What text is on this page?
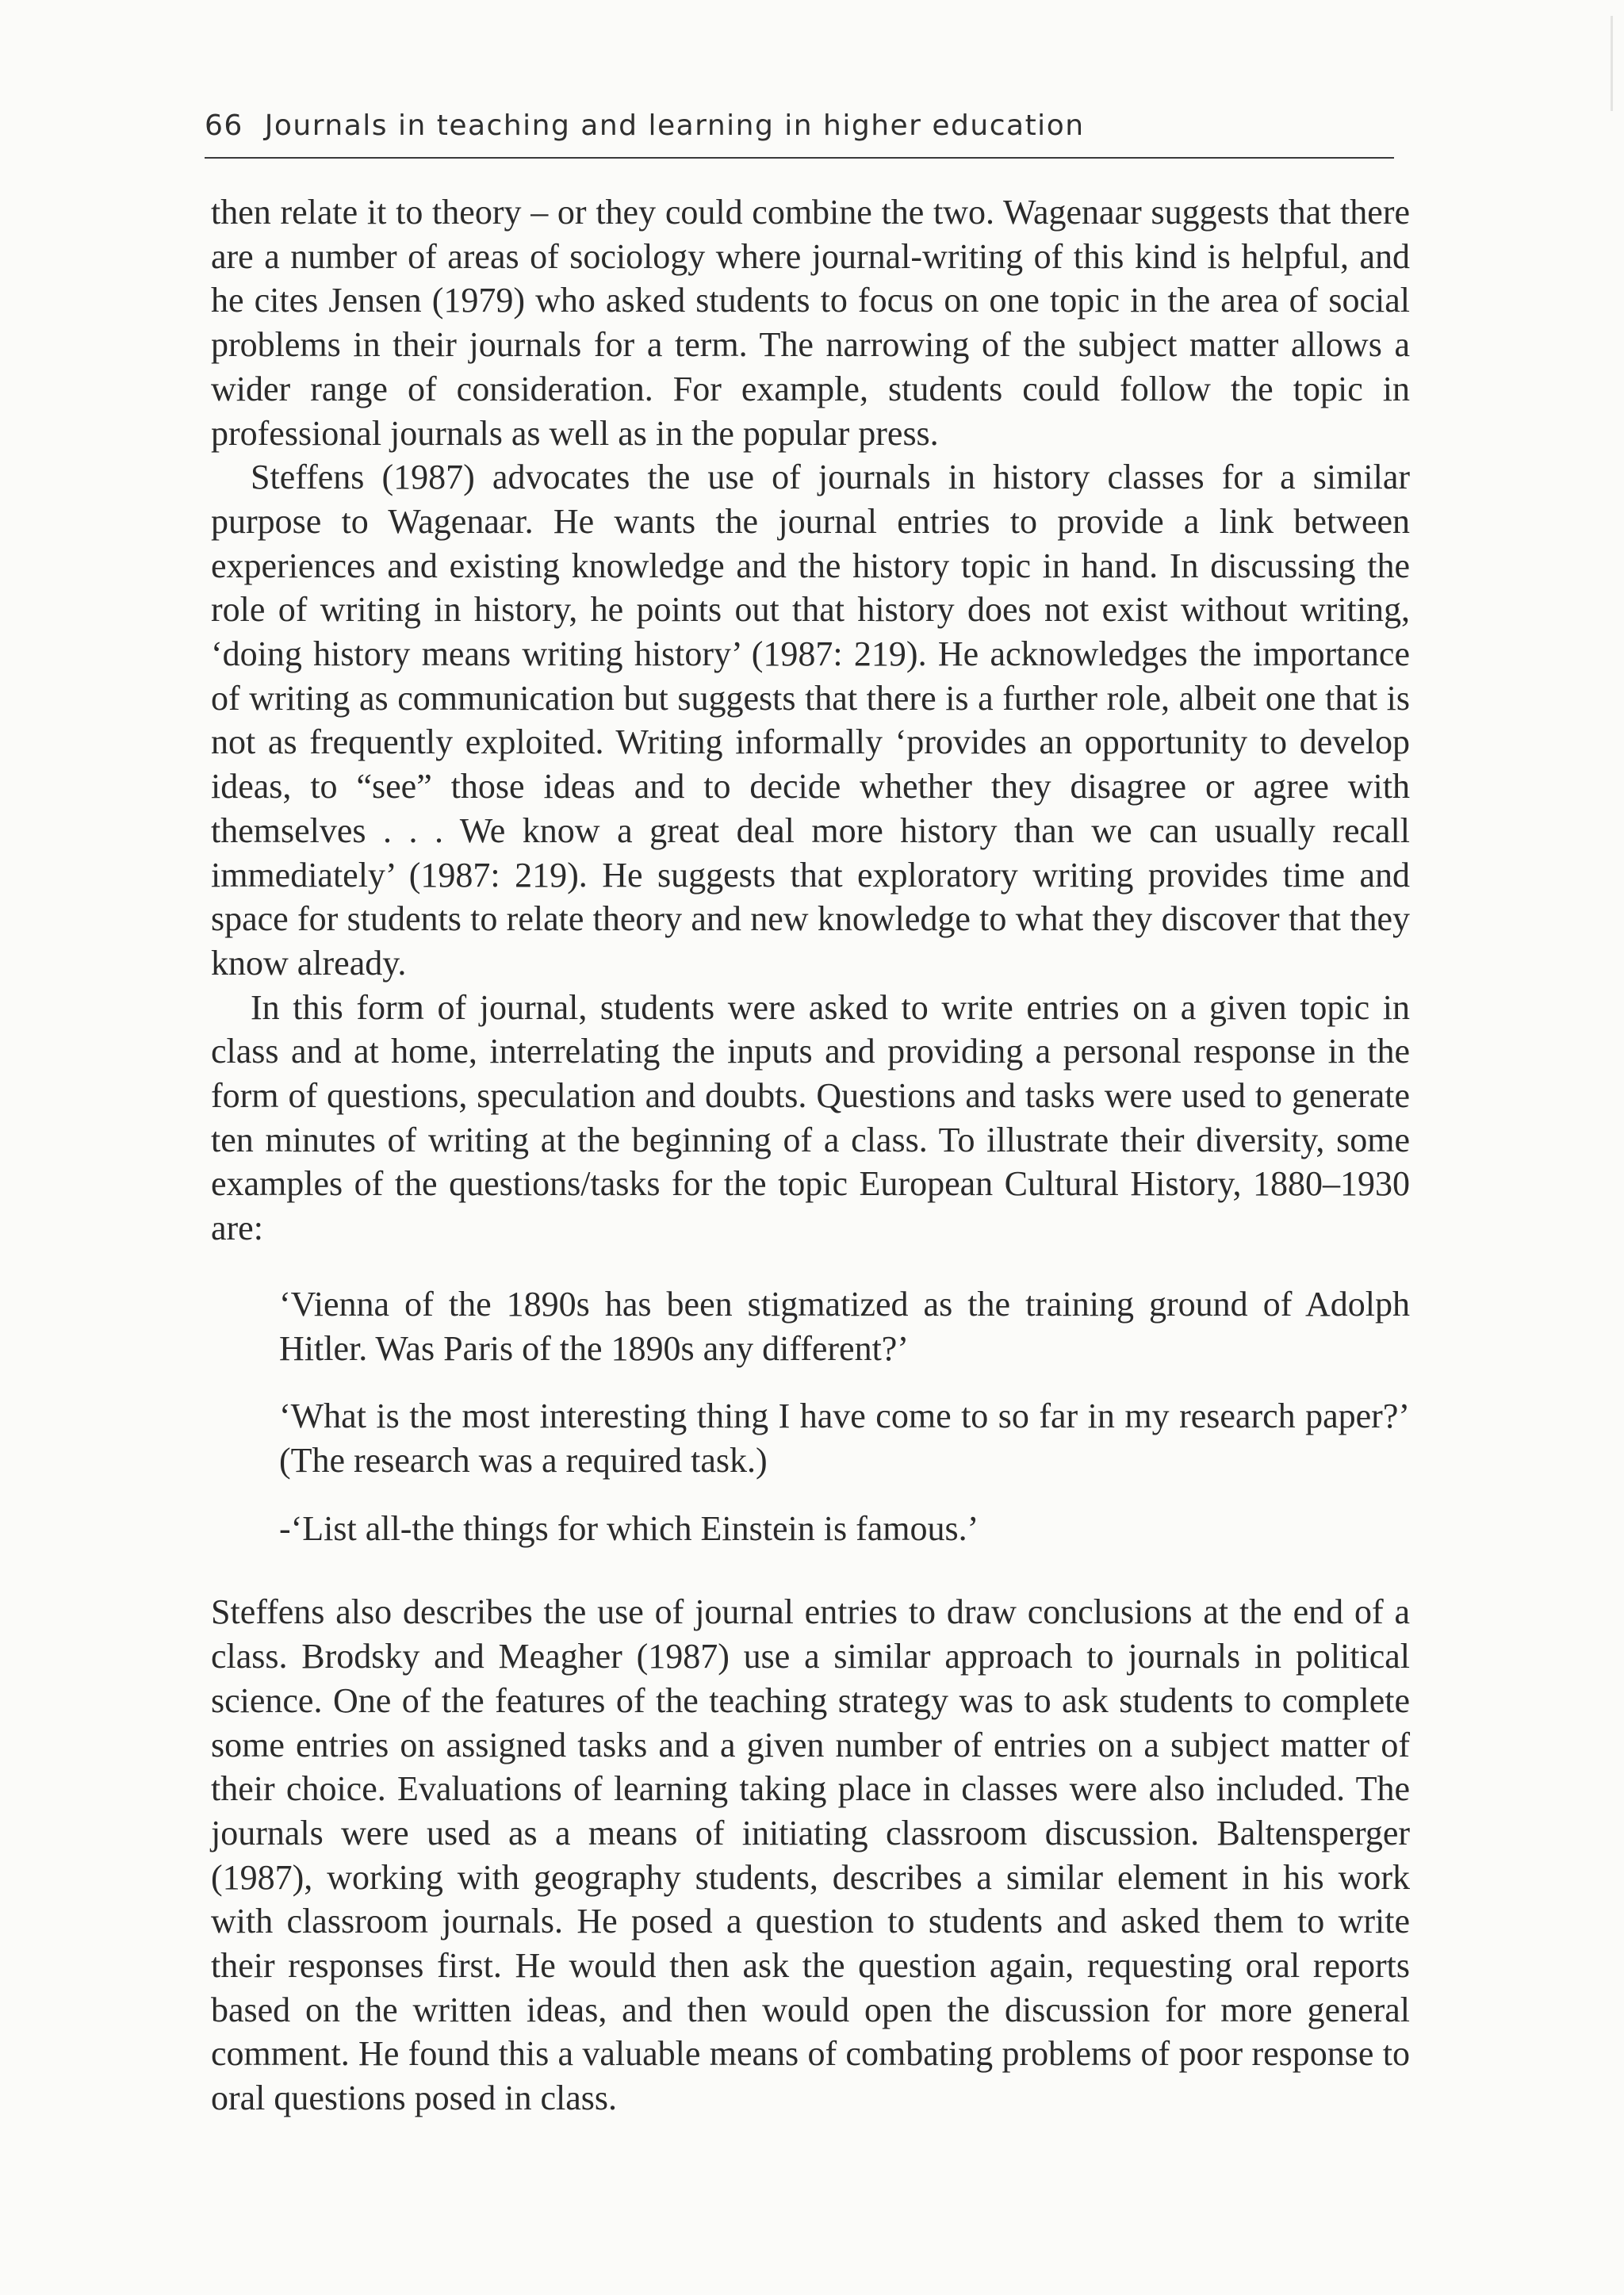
66 Journals in teaching and learning in higher education

then relate it to theory – or they could combine the two. Wagenaar suggests that there are a number of areas of sociology where journal-writing of this kind is helpful, and he cites Jensen (1979) who asked students to focus on one topic in the area of social problems in their journals for a term. The narrowing of the subject matter allows a wider range of consideration. For example, students could follow the topic in professional journals as well as in the popular press.

Steffens (1987) advocates the use of journals in history classes for a similar purpose to Wagenaar. He wants the journal entries to provide a link between experiences and existing knowledge and the history topic in hand. In discussing the role of writing in history, he points out that history does not exist without writing, ‘doing history means writing history’ (1987: 219). He acknowledges the importance of writing as communication but suggests that there is a further role, albeit one that is not as frequently exploited. Writing informally ‘provides an opportunity to develop ideas, to “see” those ideas and to decide whether they disagree or agree with themselves . . . We know a great deal more history than we can usually recall immediately’ (1987: 219). He suggests that exploratory writing provides time and space for students to relate theory and new knowledge to what they discover that they know already.

In this form of journal, students were asked to write entries on a given topic in class and at home, interrelating the inputs and providing a personal response in the form of questions, speculation and doubts. Questions and tasks were used to generate ten minutes of writing at the beginning of a class. To illustrate their diversity, some examples of the questions/tasks for the topic European Cultural History, 1880–1930 are:

‘Vienna of the 1890s has been stigmatized as the training ground of Adolph Hitler. Was Paris of the 1890s any different?’

‘What is the most interesting thing I have come to so far in my research paper?’ (The research was a required task.)

-‘List all-the things for which Einstein is famous.’

Steffens also describes the use of journal entries to draw conclusions at the end of a class. Brodsky and Meagher (1987) use a similar approach to journals in political science. One of the features of the teaching strategy was to ask students to complete some entries on assigned tasks and a given number of entries on a subject matter of their choice. Evaluations of learning taking place in classes were also included. The journals were used as a means of initiating classroom discussion. Baltensperger (1987), working with geography students, describes a similar element in his work with classroom journals. He posed a question to students and asked them to write their responses first. He would then ask the question again, requesting oral reports based on the written ideas, and then would open the discussion for more general comment. He found this a valuable means of combating problems of poor response to oral questions posed in class.
